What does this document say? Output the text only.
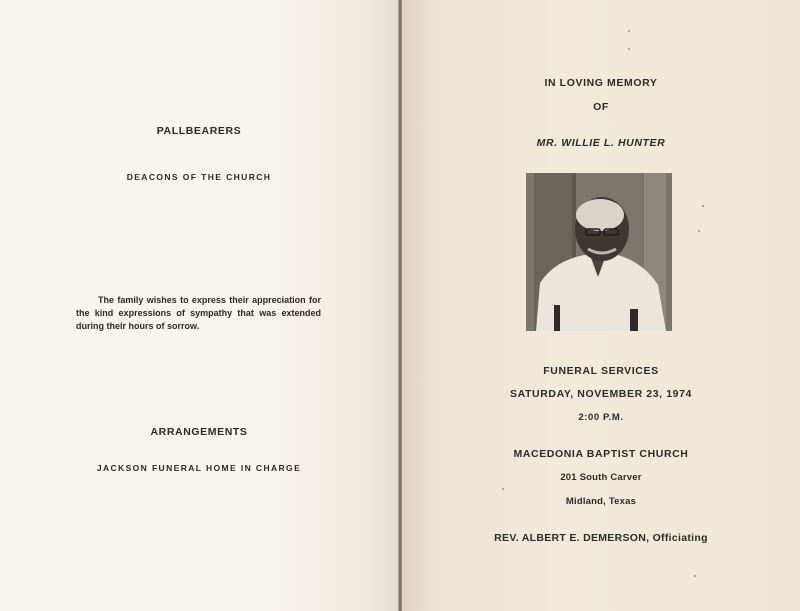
PALLBEARERS
DEACONS OF THE CHURCH
The family wishes to express their appreciation for the kind expressions of sympathy that was extended during their hours of sorrow.
ARRANGEMENTS
JACKSON FUNERAL HOME IN CHARGE
IN LOVING MEMORY
OF
MR. WILLIE L. HUNTER
FUNERAL SERVICES
SATURDAY, NOVEMBER 23, 1974
2:00 P.M.
MACEDONIA BAPTIST CHURCH
201 South Carver
Midland, Texas
REV. ALBERT E. DEMERSON, Officiating
